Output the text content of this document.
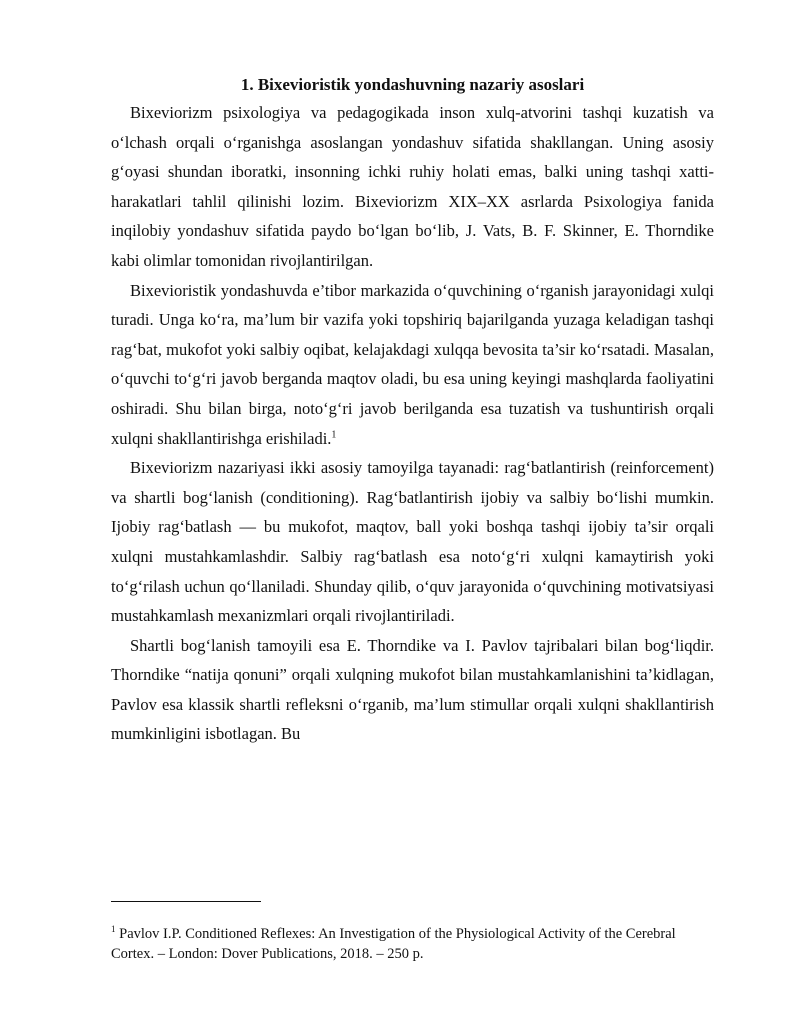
1. Bixevioristik yondashuvning nazariy asoslari

Bixeviorizm psixologiya va pedagogikada inson xulq-atvorini tashqi kuzatish va o‘lchash orqali o‘rganishga asoslangan yondashuv sifatida shakllangan. Uning asosiy g‘oyasi shundan iboratki, insonning ichki ruhiy holati emas, balki uning tashqi xatti-harakatlari tahlil qilinishi lozim. Bixeviorizm XIX–XX asrlarda Psixologiya fanida inqilobiy yondashuv sifatida paydo bo‘lgan bo‘lib, J. Vats, B. F. Skinner, E. Thorndike kabi olimlar tomonidan rivojlantirilgan.

Bixevioristik yondashuvda e’tibor markazida o‘quvchining o‘rganish jarayonidagi xulqi turadi. Unga ko‘ra, ma’lum bir vazifa yoki topshiriq bajarilganda yuzaga keladigan tashqi rag‘bat, mukofot yoki salbiy oqibat, kelajakdagi xulqqa bevosita ta’sir ko‘rsatadi. Masalan, o‘quvchi to‘g‘ri javob berganda maqtov oladi, bu esa uning keyingi mashqlarda faoliyatini oshiradi. Shu bilan birga, noto‘g‘ri javob berilganda esa tuzatish va tushuntirish orqali xulqni shakllantirishga erishiladi.$^1$

Bixeviorizm nazariyasi ikki asosiy tamoyilga tayanadi: rag‘batlantirish (reinforcement) va shartli bog‘lanish (conditioning). Rag‘batlantirish ijobiy va salbiy bo‘lishi mumkin. Ijobiy rag‘batlash — bu mukofot, maqtov, ball yoki boshqa tashqi ijobiy ta’sir orqali xulqni mustahkamlashdir. Salbiy rag‘batlash esa noto‘g‘ri xulqni kamaytirish yoki to‘g‘rilash uchun qo‘llaniladi. Shunday qilib, o‘quv jarayonida o‘quvchining motivatsiyasi mustahkamlash mexanizmlari orqali rivojlantiriladi.

Shartli bog‘lanish tamoyili esa E. Thorndike va I. Pavlov tajribalari bilan bog‘liqdir. Thorndike “natija qonuni” orqali xulqning mukofot bilan mustahkamlanishini ta’kidlagan, Pavlov esa klassik shartli refleksni o‘rganib, ma’lum stimullar orqali xulqni shakllantirish mumkinligini isbotlagan. Bu

$^1$ Pavlov I.P. Conditioned Reflexes: An Investigation of the Physiological Activity of the Cerebral Cortex. – London: Dover Publications, 2018. – 250 p.
